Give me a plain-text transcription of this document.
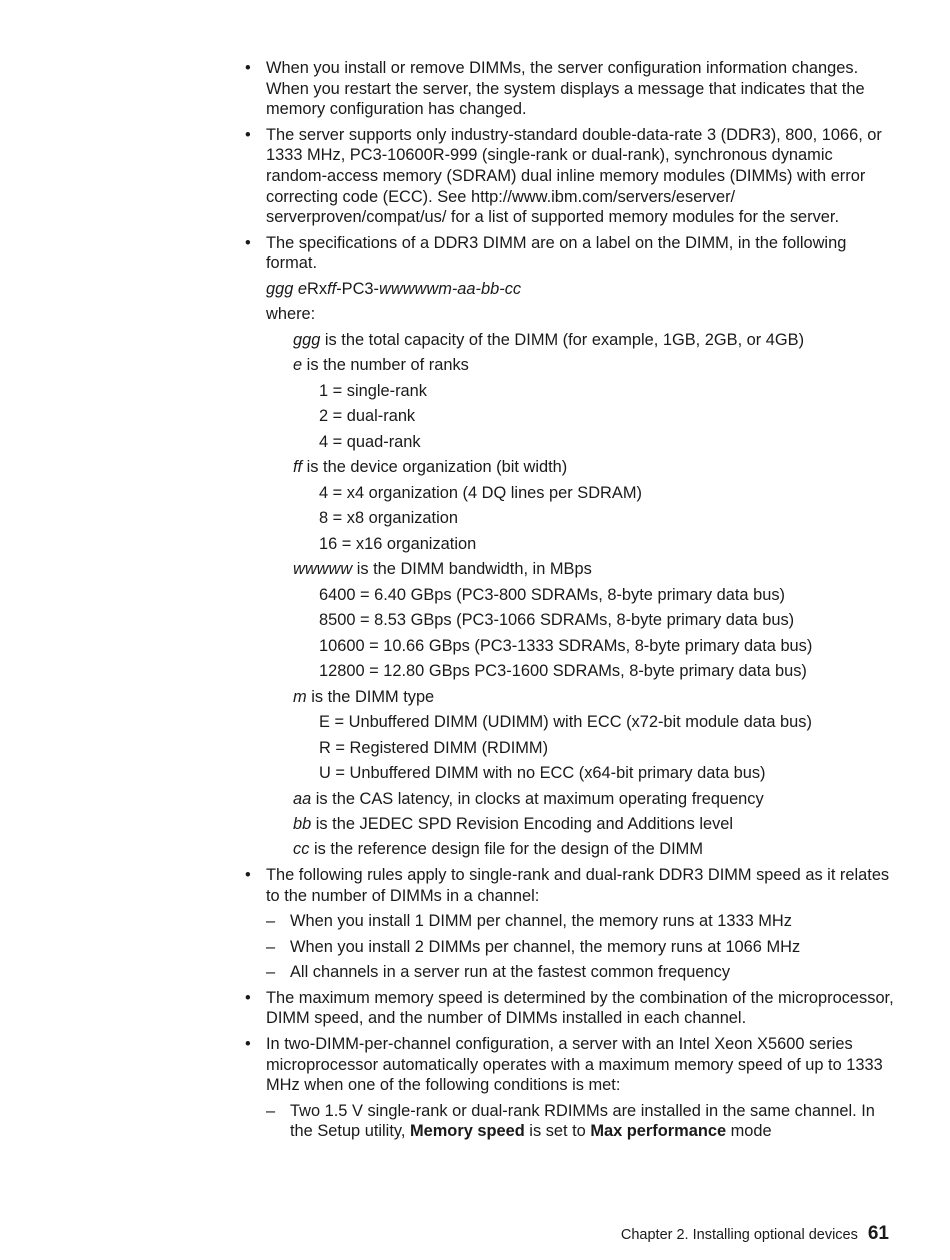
• When you install or remove DIMMs, the server configuration information changes. When you restart the server, the system displays a message that indicates that the memory configuration has changed.

• The server supports only industry-standard double-data-rate 3 (DDR3), 800, 1066, or 1333 MHz, PC3-10600R-999 (single-rank or dual-rank), synchronous dynamic random-access memory (SDRAM) dual inline memory modules (DIMMs) with error correcting code (ECC). See http://www.ibm.com/servers/eserver/ serverproven/compat/us/ for a list of supported memory modules for the server.

• The specifications of a DDR3 DIMM are on a label on the DIMM, in the following format.

ggg eRxff-PC3-wwwwwm-aa-bb-cc

where:

ggg is the total capacity of the DIMM (for example, 1GB, 2GB, or 4GB)

e is the number of ranks

1 = single-rank

2 = dual-rank

4 = quad-rank

ff is the device organization (bit width)

4 = x4 organization (4 DQ lines per SDRAM)

8 = x8 organization

16 = x16 organization

wwwww is the DIMM bandwidth, in MBps

6400 = 6.40 GBps (PC3-800 SDRAMs, 8-byte primary data bus)

8500 = 8.53 GBps (PC3-1066 SDRAMs, 8-byte primary data bus)

10600 = 10.66 GBps (PC3-1333 SDRAMs, 8-byte primary data bus)

12800 = 12.80 GBps PC3-1600 SDRAMs, 8-byte primary data bus)

m is the DIMM type

E = Unbuffered DIMM (UDIMM) with ECC (x72-bit module data bus)

R = Registered DIMM (RDIMM)

U = Unbuffered DIMM with no ECC (x64-bit primary data bus)

aa is the CAS latency, in clocks at maximum operating frequency

bb is the JEDEC SPD Revision Encoding and Additions level

cc is the reference design file for the design of the DIMM

• The following rules apply to single-rank and dual-rank DDR3 DIMM speed as it relates to the number of DIMMs in a channel:

– When you install 1 DIMM per channel, the memory runs at 1333 MHz

– When you install 2 DIMMs per channel, the memory runs at 1066 MHz

– All channels in a server run at the fastest common frequency

• The maximum memory speed is determined by the combination of the microprocessor, DIMM speed, and the number of DIMMs installed in each channel.

• In two-DIMM-per-channel configuration, a server with an Intel Xeon X5600 series microprocessor automatically operates with a maximum memory speed of up to 1333 MHz when one of the following conditions is met:

– Two 1.5 V single-rank or dual-rank RDIMMs are installed in the same channel. In the Setup utility, Memory speed is set to Max performance mode

Chapter 2. Installing optional devices 61
